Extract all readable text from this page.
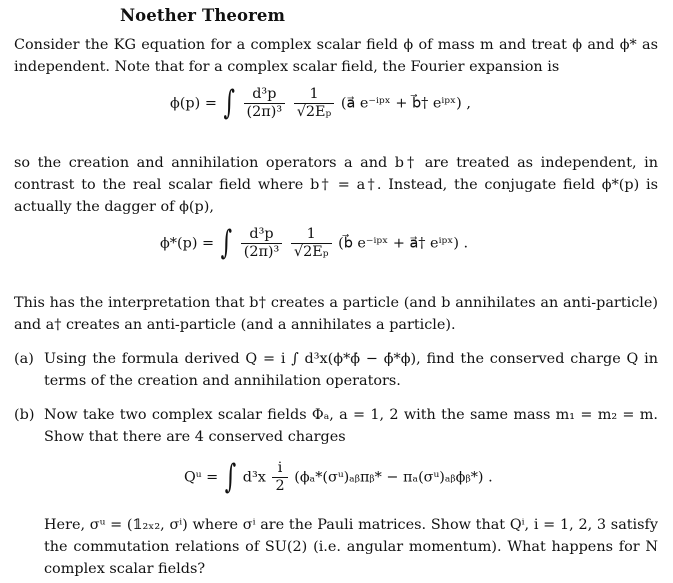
Noether Theorem
Consider the KG equation for a complex scalar field ϕ of mass m and treat ϕ and ϕ* as independent. Note that for a complex scalar field, the Fourier expansion is
ϕ(p) = ∫ $\frac{\text{d³p}}{\text{(2π)³}}$
$\frac{1}{\text{√2Eₚ}}$ (a⃗ e⁻ⁱᵖˣ + b⃗† eⁱᵖˣ) ,
so the creation and annihilation operators a and b† are treated as independent, in contrast to the real scalar field where b† = a†. Instead, the conjugate field ϕ*(p) is actually the dagger of ϕ(p),
ϕ*(p) = ∫ $\frac{\text{d³p}}{\text{(2π)³}}$
$\frac{1}{\text{√2Eₚ}}$ (b⃗ e⁻ⁱᵖˣ + a⃗† eⁱᵖˣ) .
This has the interpretation that b† creates a particle (and b annihilates an anti-particle) and a† creates an anti-particle (and a annihilates a particle).
(a) Using the formula derived Q = i ∫ d³x(ϕ*ϕ̇ − ϕ̇*ϕ), find the conserved charge Q in terms of the creation and annihilation operators.
(b) Now take two complex scalar fields Φₐ, a = 1, 2 with the same mass m₁ = m₂ = m. Show that there are 4 conserved charges
Qᵘ = ∫ $d^3x \frac{i}{2}$ (ϕₐ*(σᵘ)ₐᵦπᵦ* − πₐ(σᵘ)ₐᵦϕᵦ*) .
Here, σᵘ = (𝟙₂ₓ₂, σⁱ) where σⁱ are the Pauli matrices. Show that Qⁱ, i = 1, 2, 3 satisfy the commutation relations of SU(2) (i.e. angular momentum). What happens for N complex scalar fields?
